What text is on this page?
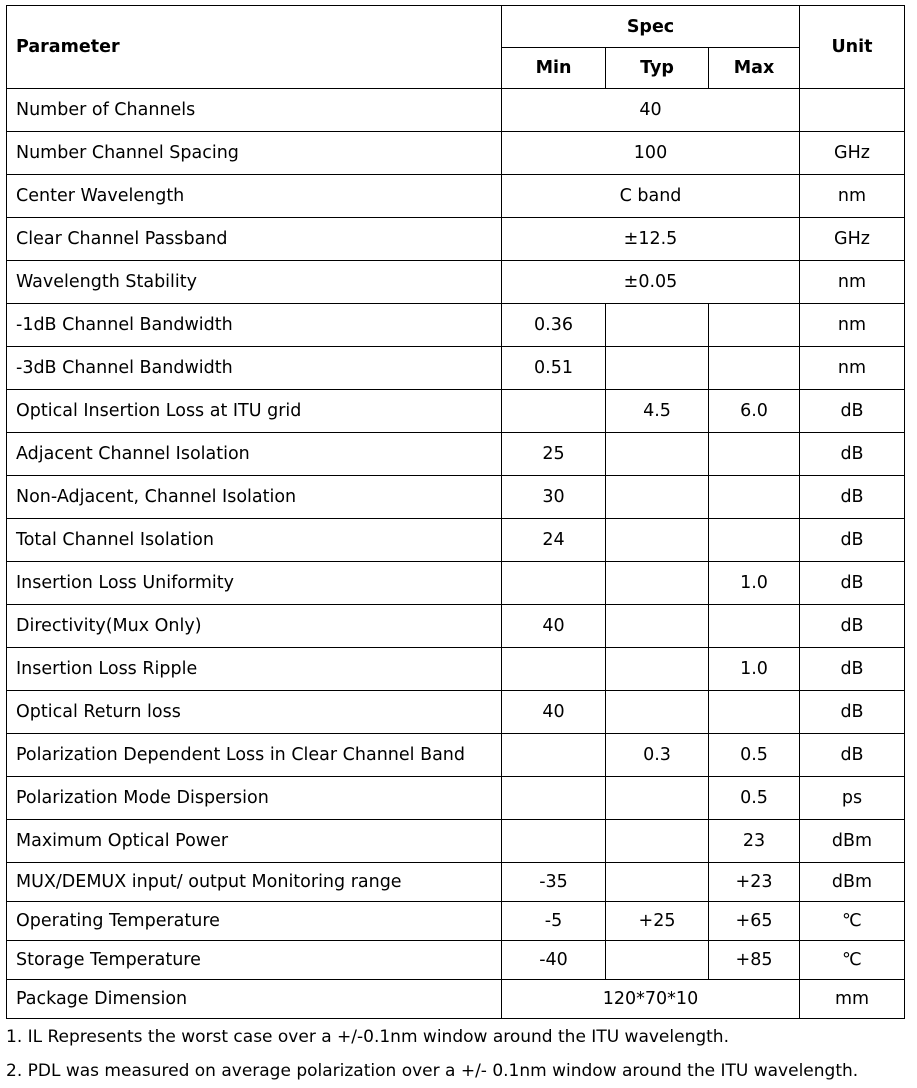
Parameter	Spec			Unit
	Min	Typ	Max	
Number of Channels	40			
Number Channel Spacing	100			GHz
Center Wavelength	C band			nm
Clear Channel Passband	±12.5			GHz
Wavelength Stability	±0.05			nm
-1dB Channel Bandwidth	0.36			nm
-3dB Channel Bandwidth	0.51			nm
Optical Insertion Loss at ITU grid		4.5	6.0	dB
Adjacent Channel Isolation	25			dB
Non-Adjacent, Channel Isolation	30			dB
Total Channel Isolation	24			dB
Insertion Loss Uniformity			1.0	dB
Directivity(Mux Only)	40			dB
Insertion Loss Ripple			1.0	dB
Optical Return loss	40			dB
Polarization Dependent Loss in Clear Channel Band		0.3	0.5	dB
Polarization Mode Dispersion			0.5	ps
Maximum Optical Power			23	dBm
MUX/DEMUX input/ output Monitoring range	-35		+23	dBm
Operating Temperature	-5	+25	+65	℃
Storage Temperature	-40		+85	℃
Package Dimension	120*70*10			mm
1. IL Represents the worst case over a +/-0.1nm window around the ITU wavelength.
2. PDL was measured on average polarization over a +/- 0.1nm window around the ITU wavelength.
